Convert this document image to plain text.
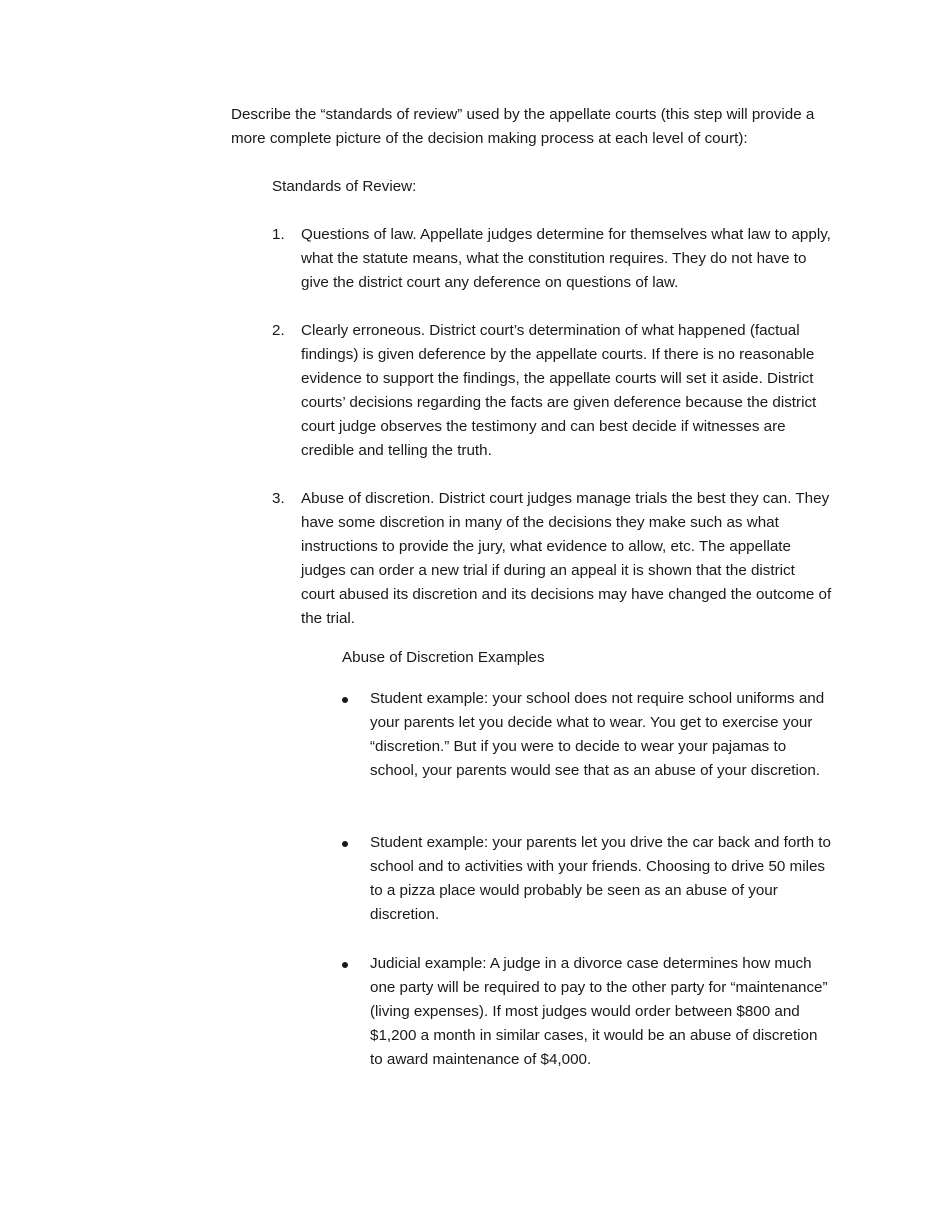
Describe the “standards of review” used by the appellate courts (this step will provide a more complete picture of the decision making process at each level of court):

Standards of Review:

1.	Questions of law. Appellate judges determine for themselves what law to apply, what the statute means, what the constitution requires. They do not have to give the district court any deference on questions of law.
2.	Clearly erroneous. District court’s determination of what happened (factual findings) is given deference by the appellate courts. If there is no reasonable evidence to support the findings, the appellate courts will set it aside. District courts’ decisions regarding the facts are given deference because the district court judge observes the testimony and can best decide if witnesses are credible and telling the truth.
3.	Abuse of discretion. District court judges manage trials the best they can. They have some discretion in many of the decisions they make such as what instructions to provide the jury, what evidence to allow, etc. The appellate judges can order a new trial if during an appeal it is shown that the district court abused its discretion and its decisions may have changed the outcome of the trial.

Abuse of Discretion Examples

Student example: your school does not require school uniforms and your parents let you decide what to wear. You get to exercise your “discretion.” But if you were to decide to wear your pajamas to school, your parents would see that as an abuse of your discretion.
Student example: your parents let you drive the car back and forth to school and to activities with your friends. Choosing to drive 50 miles to a pizza place would probably be seen as an abuse of your discretion.
Judicial example: A judge in a divorce case determines how much one party will be required to pay to the other party for “maintenance” (living expenses). If most judges would order between $800 and $1,200 a month in similar cases, it would be an abuse of discretion to award maintenance of $4,000.
